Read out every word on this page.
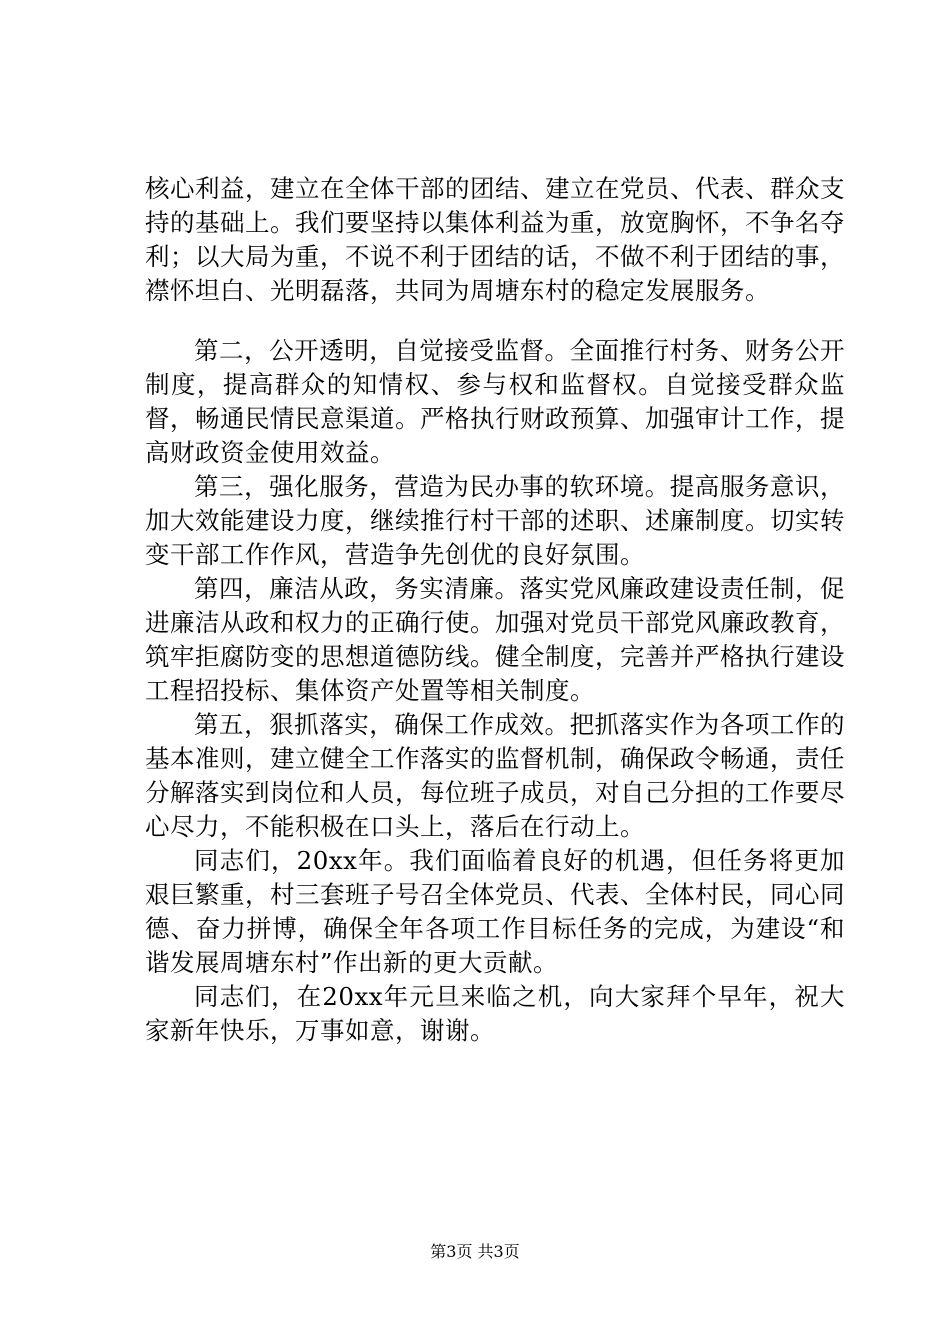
核心利益，建立在全体干部的团结、建立在党员、代表、群众支持的基础上。我们要坚持以集体利益为重，放宽胸怀，不争名夺利；以大局为重，不说不利于团结的话，不做不利于团结的事，襟怀坦白、光明磊落，共同为周塘东村的稳定发展服务。

第二，公开透明，自觉接受监督。全面推行村务、财务公开制度，提高群众的知情权、参与权和监督权。自觉接受群众监督，畅通民情民意渠道。严格执行财政预算、加强审计工作，提高财政资金使用效益。

第三，强化服务，营造为民办事的软环境。提高服务意识，加大效能建设力度，继续推行村干部的述职、述廉制度。切实转变干部工作作风，营造争先创优的良好氛围。

第四，廉洁从政，务实清廉。落实党风廉政建设责任制，促进廉洁从政和权力的正确行使。加强对党员干部党风廉政教育，筑牢拒腐防变的思想道德防线。健全制度，完善并严格执行建设工程招投标、集体资产处置等相关制度。

第五，狠抓落实，确保工作成效。把抓落实作为各项工作的基本准则，建立健全工作落实的监督机制，确保政令畅通，责任分解落实到岗位和人员，每位班子成员，对自己分担的工作要尽心尽力，不能积极在口头上，落后在行动上。

同志们，20xx年。我们面临着良好的机遇，但任务将更加艰巨繁重，村三套班子号召全体党员、代表、全体村民，同心同德、奋力拼博，确保全年各项工作目标任务的完成，为建设“和谐发展周塘东村”作出新的更大贡献。

同志们，在20xx年元旦来临之机，向大家拜个早年，祝大家新年快乐，万事如意，谢谢。

第3页 共3页
